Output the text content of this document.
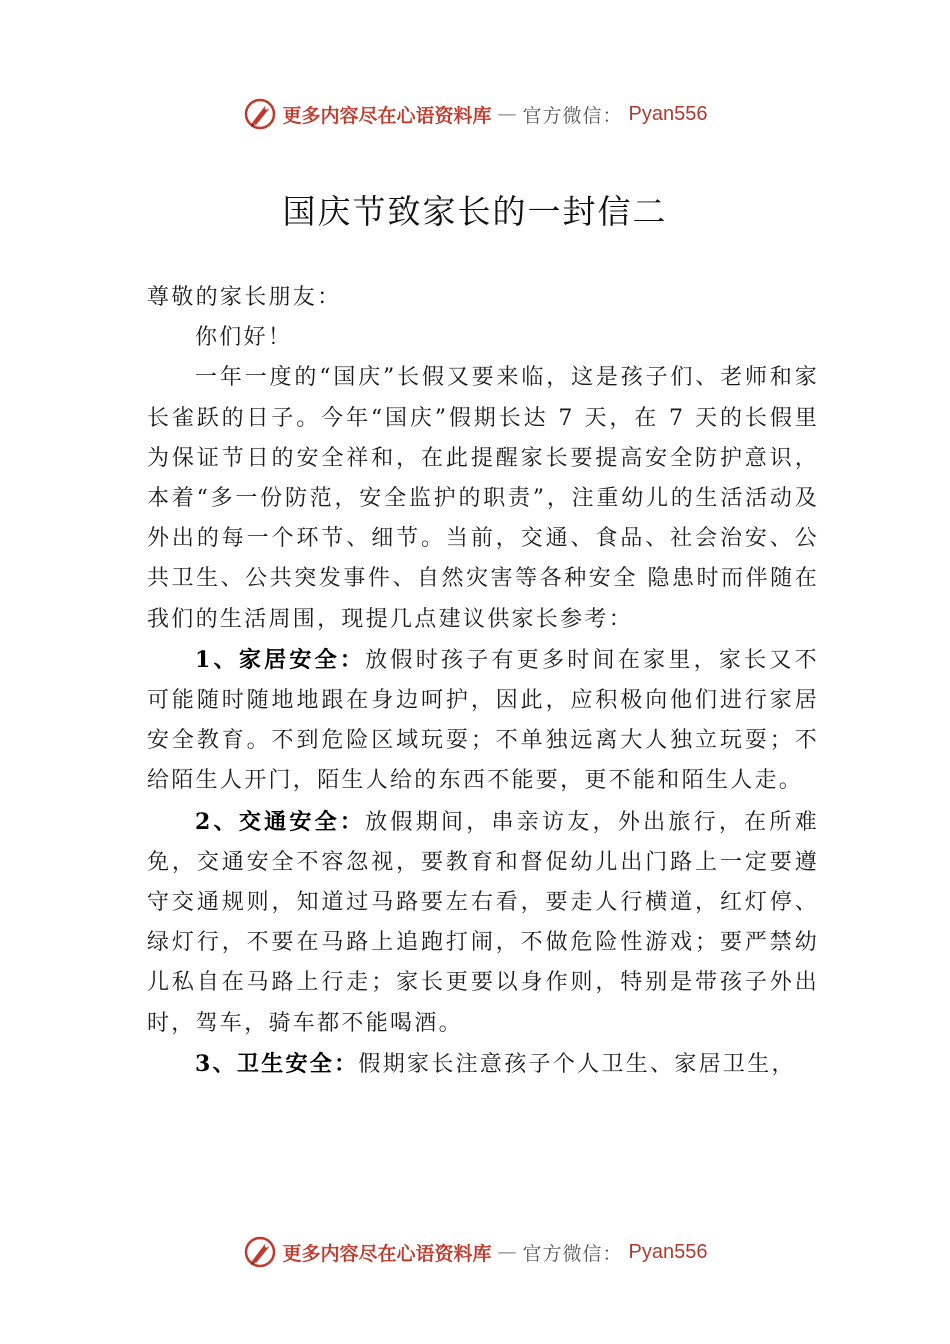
更多内容尽在心语资料库 — 官方微信： Pyan556
国庆节致家长的一封信二

尊敬的家长朋友：

你们好！

一年一度的“国庆”长假又要来临，这是孩子们、老师和家长雀跃的日子。今年“国庆”假期长达 7 天，在 7 天的长假里为保证节日的安全祥和，在此提醒家长要提高安全防护意识，本着“多一份防范，安全监护的职责”，注重幼儿的生活活动及外出的每一个环节、细节。当前，交通、食品、社会治安、公共卫生、公共突发事件、自然灾害等各种安全 隐患时而伴随在我们的生活周围，现提几点建议供家长参考：

1、家居安全：放假时孩子有更多时间在家里，家长又不可能随时随地地跟在身边呵护，因此，应积极向他们进行家居安全教育。不到危险区域玩耍；不单独远离大人独立玩耍；不给陌生人开门，陌生人给的东西不能要，更不能和陌生人走。

2、交通安全：放假期间，串亲访友，外出旅行，在所难免，交通安全不容忽视，要教育和督促幼儿出门路上一定要遵守交通规则，知道过马路要左右看，要走人行横道，红灯停、绿灯行，不要在马路上追跑打闹，不做危险性游戏；要严禁幼儿私自在马路上行走；家长更要以身作则，特别是带孩子外出时，驾车，骑车都不能喝酒。

3、卫生安全：假期家长注意孩子个人卫生、家居卫生，

更多内容尽在心语资料库 — 官方微信： Pyan556
